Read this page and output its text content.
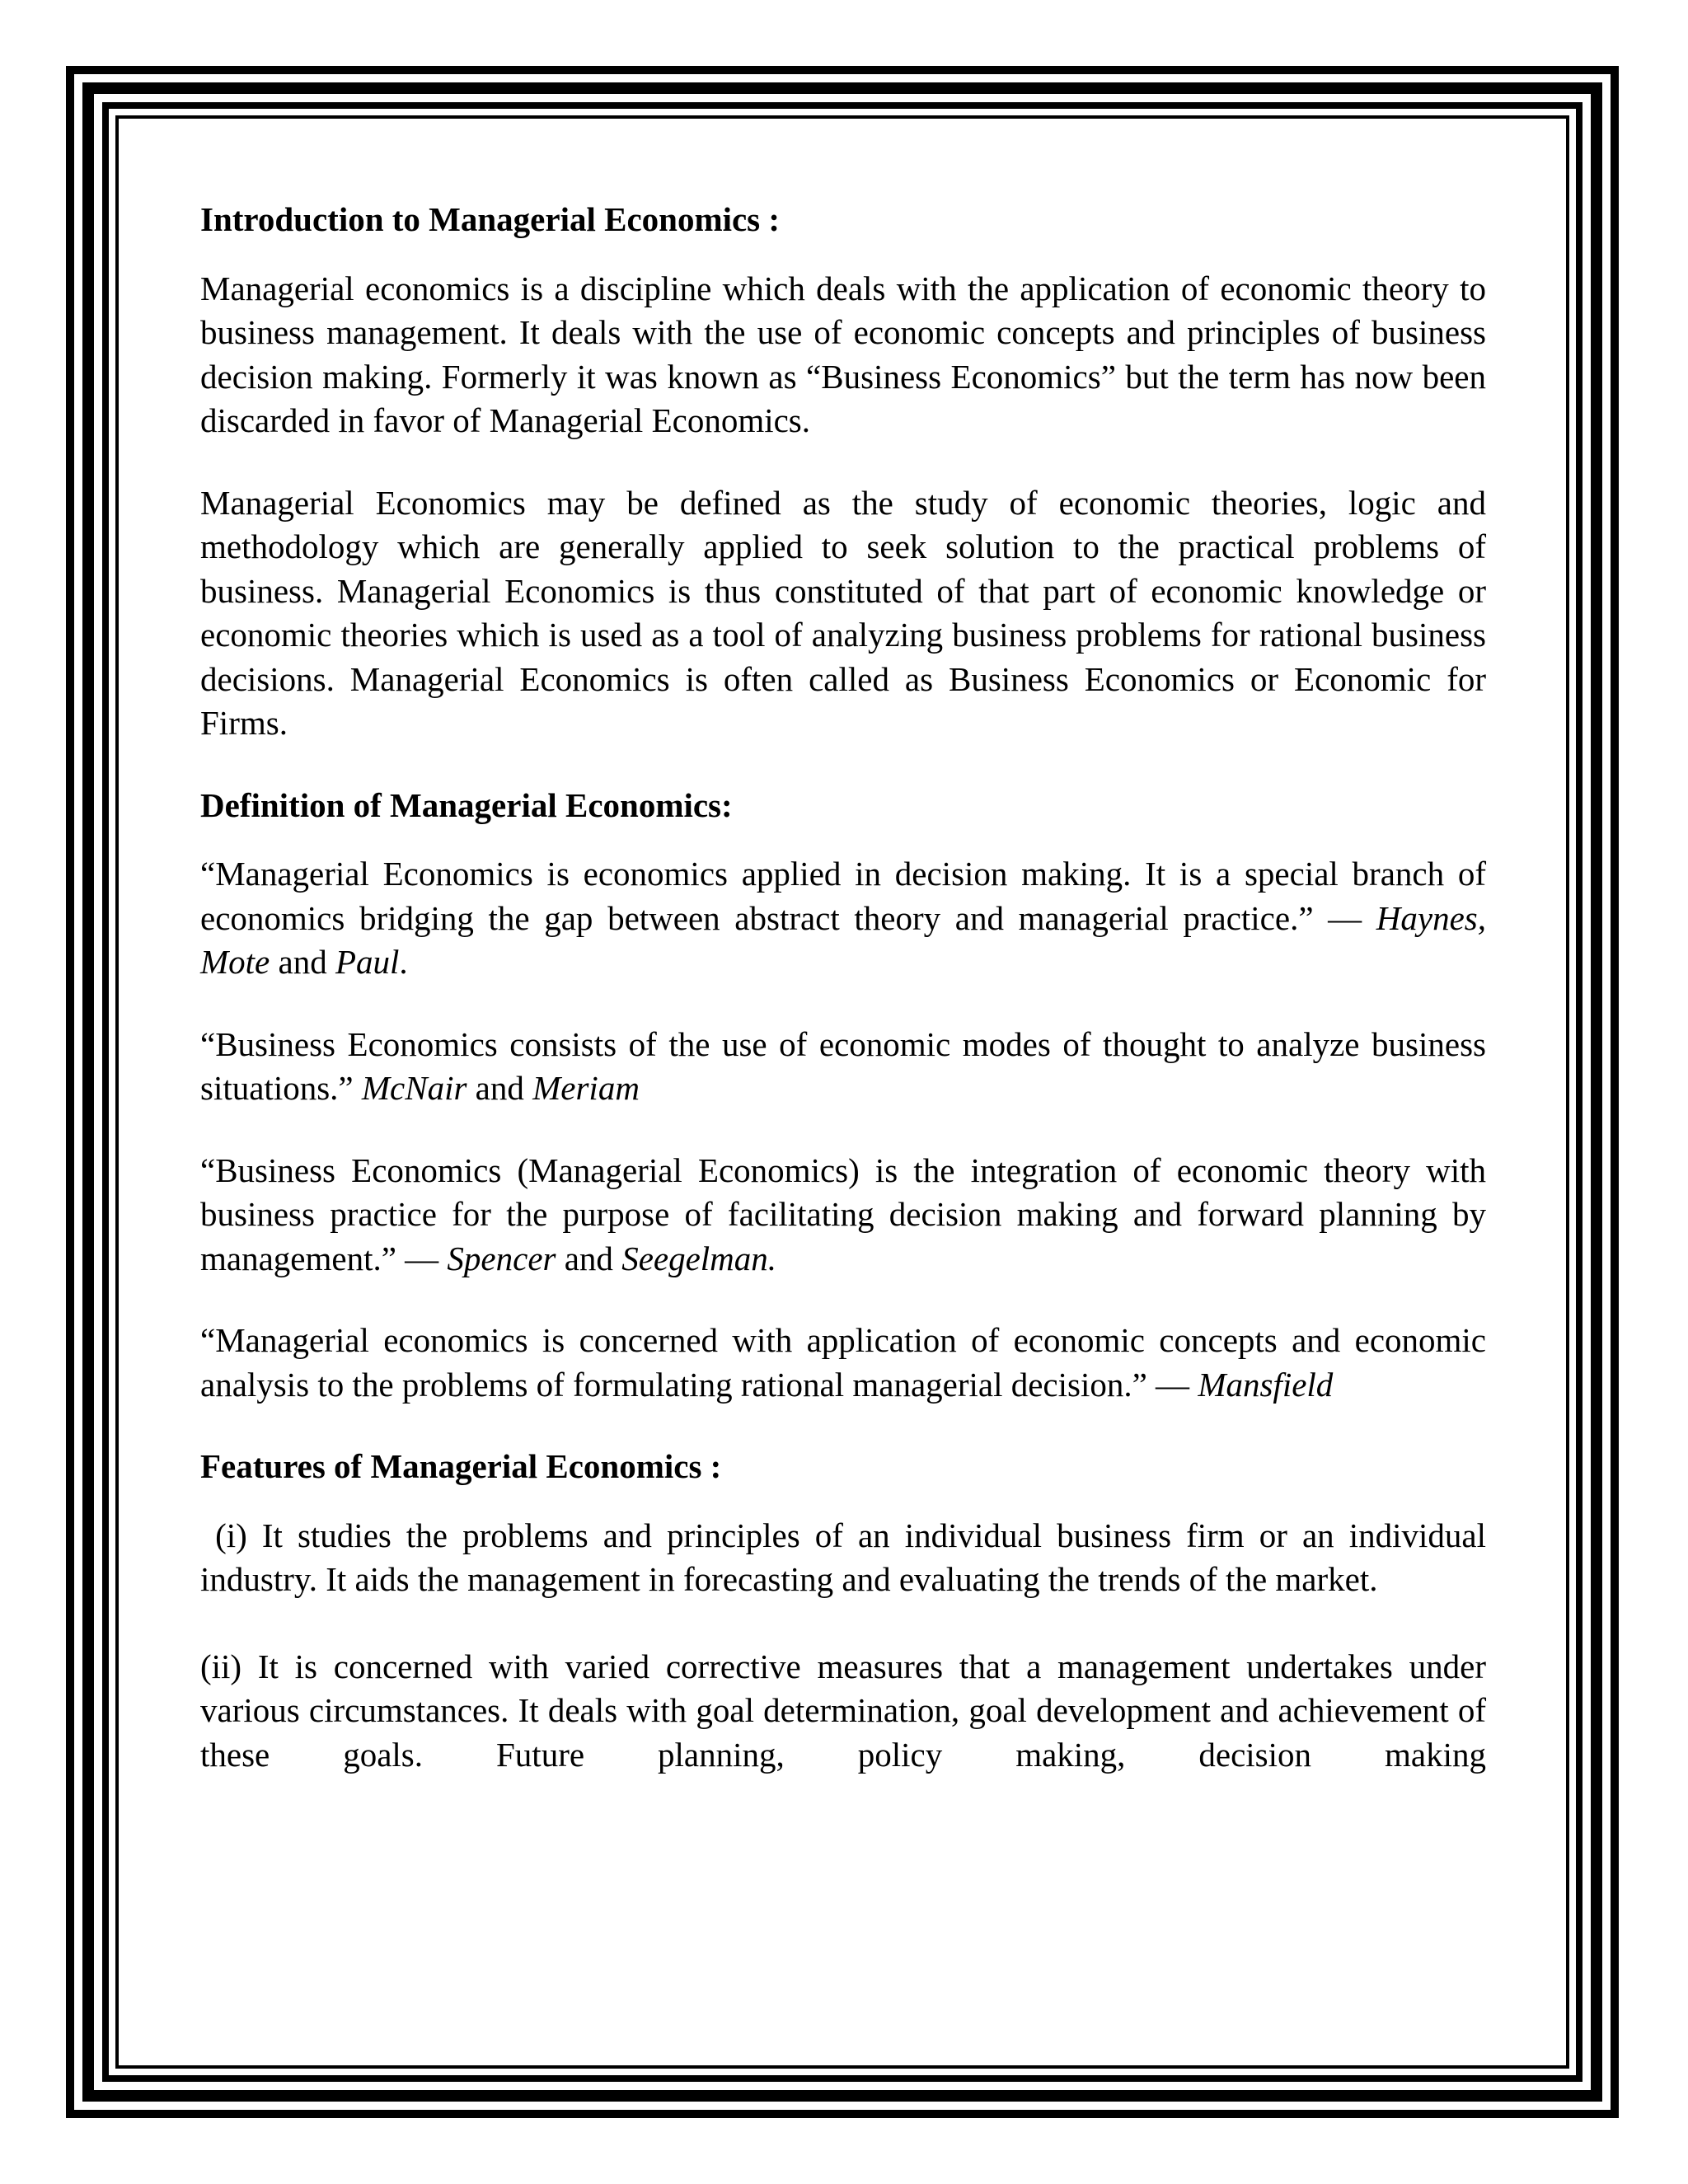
Introduction to Managerial Economics :

Managerial economics is a discipline which deals with the application of economic theory to business management. It deals with the use of economic concepts and principles of business decision making. Formerly it was known as “Business Economics” but the term has now been discarded in favor of Managerial Economics.

Managerial Economics may be defined as the study of economic theories, logic and methodology which are generally applied to seek solution to the practical problems of business. Managerial Economics is thus constituted of that part of economic knowledge or economic theories which is used as a tool of analyzing business problems for rational business decisions. Managerial Economics is often called as Business Economics or Economic for Firms.

Definition of Managerial Economics:

“Managerial Economics is economics applied in decision making. It is a special branch of economics bridging the gap between abstract theory and managerial practice.” — Haynes, Mote and Paul.

“Business Economics consists of the use of economic modes of thought to analyze business situations.” McNair and Meriam

“Business Economics (Managerial Economics) is the integration of economic theory with business practice for the purpose of facilitating decision making and forward planning by management.” — Spencer and Seegelman.

“Managerial economics is concerned with application of economic concepts and economic analysis to the problems of formulating rational managerial decision.” — Mansfield

Features of Managerial Economics :

(i) It studies the problems and principles of an individual business firm or an individual industry. It aids the management in forecasting and evaluating the trends of the market.

(ii) It is concerned with varied corrective measures that a management undertakes under various circumstances. It deals with goal determination, goal development and achievement of these goals. Future planning, policy making, decision making
